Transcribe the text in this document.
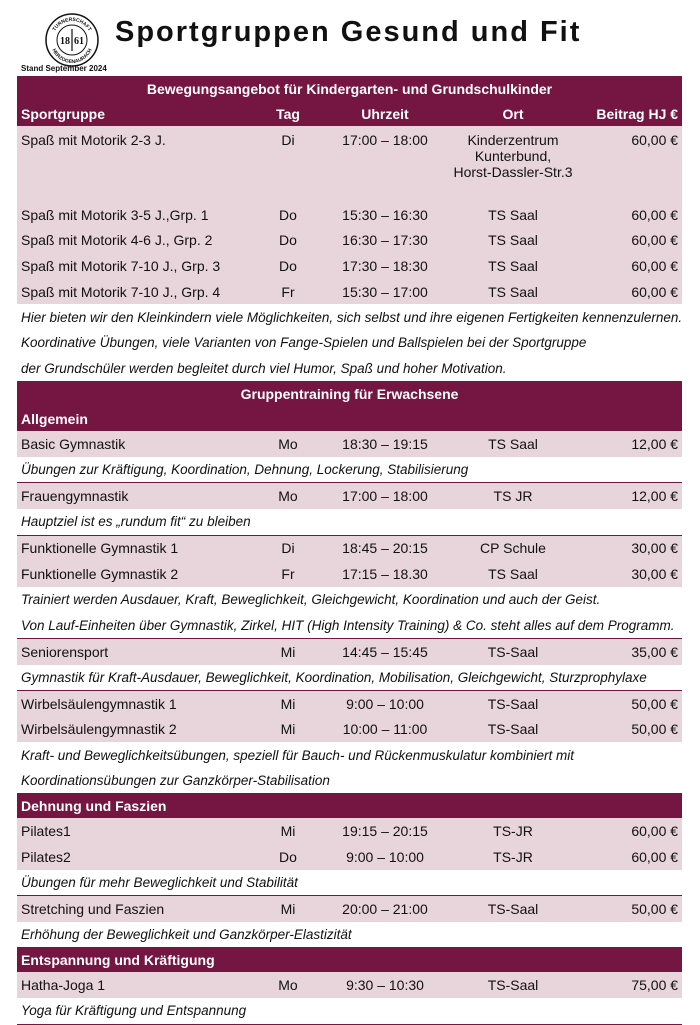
TURNERSCHAFT
HERZOGENAURACH
18 61 Sportgruppen Gesund und Fit
Stand September 2024
Bewegungsangebot für Kindergarten- und Grundschulkinder				
Sportgruppe	Tag	Uhrzeit	Ort	Beitrag HJ €
Spaß mit Motorik 2-3 J.	Di	17:00 – 18:00	Kinderzentrum
Kunterbund,
Horst-Dassler-Str.3	60,00 €
Spaß mit Motorik 3-5 J.,Grp. 1	Do	15:30 – 16:30	TS Saal	60,00 €
Spaß mit Motorik 4-6 J., Grp. 2	Do	16:30 – 17:30	TS Saal	60,00 €
Spaß mit Motorik 7-10 J., Grp. 3	Do	17:30 – 18:30	TS Saal	60,00 €
Spaß mit Motorik 7-10 J., Grp. 4	Fr	15:30 – 17:00	TS Saal	60,00 €
Hier bieten wir den Kleinkindern viele Möglichkeiten, sich selbst und ihre eigenen Fertigkeiten kennenzulernen.				
Koordinative Übungen, viele Varianten von Fange-Spielen und Ballspielen bei der Sportgruppe				
der Grundschüler werden begleitet durch viel Humor, Spaß und hoher Motivation.				
Gruppentraining für Erwachsene				
Allgemein				
Basic Gymnastik	Mo	18:30 – 19:15	TS Saal	12,00 €
Übungen zur Kräftigung, Koordination, Dehnung, Lockerung, Stabilisierung				
Frauengymnastik	Mo	17:00 – 18:00	TS JR	12,00 €
Hauptziel ist es „rundum fit“ zu bleiben				
Funktionelle Gymnastik 1	Di	18:45 – 20:15	CP Schule	30,00 €
Funktionelle Gymnastik 2	Fr	17:15 – 18.30	TS Saal	30,00 €
Trainiert werden Ausdauer, Kraft, Beweglichkeit, Gleichgewicht, Koordination und auch der Geist.				
Von Lauf-Einheiten über Gymnastik, Zirkel, HIT (High Intensity Training) & Co. steht alles auf dem Programm.				
Seniorensport	Mi	14:45 – 15:45	TS-Saal	35,00 €
Gymnastik für Kraft-Ausdauer, Beweglichkeit, Koordination, Mobilisation, Gleichgewicht, Sturzprophylaxe				
Wirbelsäulengymnastik 1	Mi	9:00 – 10:00	TS-Saal	50,00 €
Wirbelsäulengymnastik 2	Mi	10:00 – 11:00	TS-Saal	50,00 €
Kraft- und Beweglichkeitsübungen, speziell für Bauch- und Rückenmuskulatur kombiniert mit				
Koordinationsübungen zur Ganzkörper-Stabilisation				
Dehnung und Faszien				
Pilates1	Mi	19:15 – 20:15	TS-JR	60,00 €
Pilates2	Do	9:00 – 10:00	TS-JR	60,00 €
Übungen für mehr Beweglichkeit und Stabilität				
Stretching und Faszien	Mi	20:00 – 21:00	TS-Saal	50,00 €
Erhöhung der Beweglichkeit und Ganzkörper-Elastizität				
Entspannung und Kräftigung				
Hatha-Joga 1	Mo	9:30 – 10:30	TS-Saal	75,00 €
Yoga für Kräftigung und Entspannung				
